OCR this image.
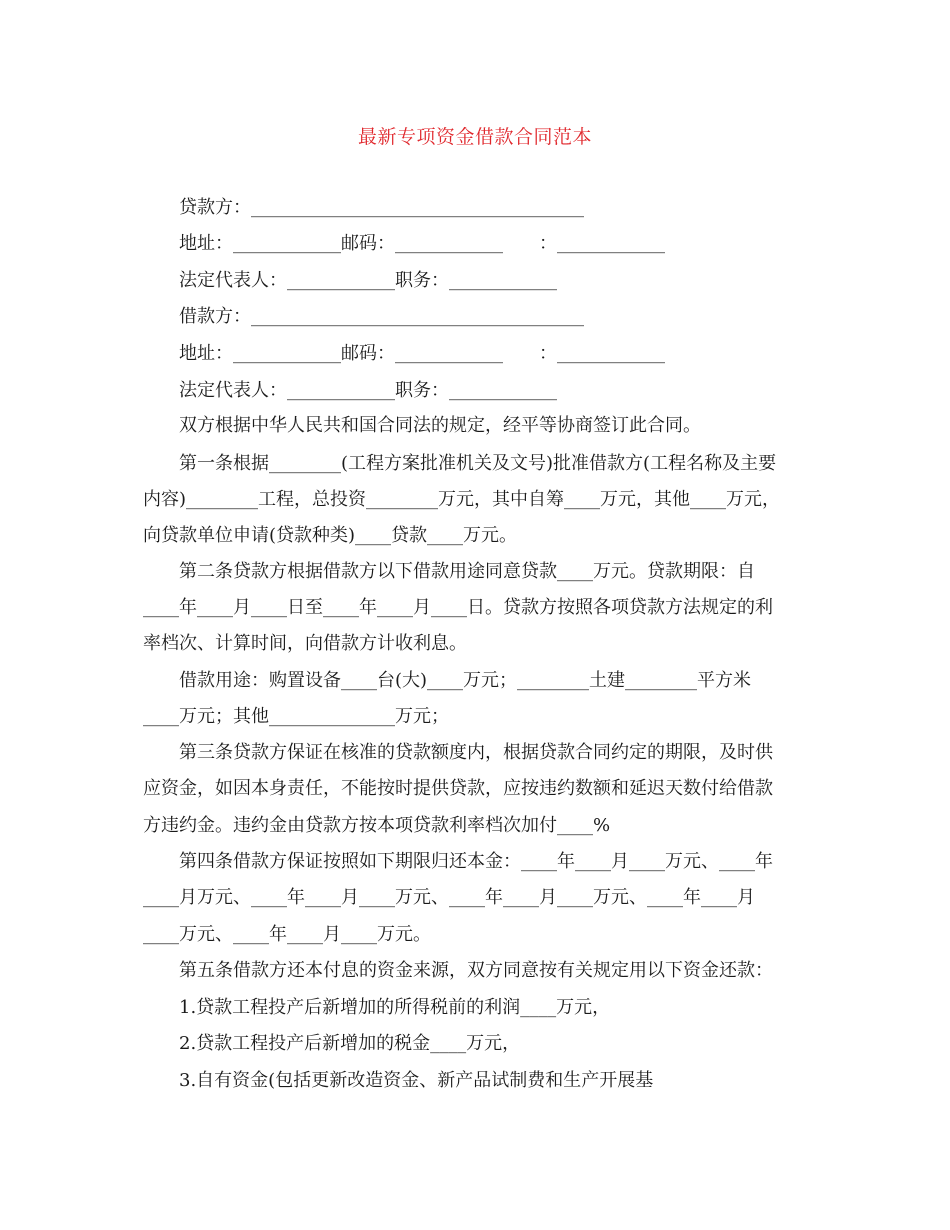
最新专项资金借款合同范本
贷款方：_____________________________________
地址：____________邮码：____________　　：____________
法定代表人：____________职务：____________
借款方：_____________________________________
地址：____________邮码：____________　　：____________
法定代表人：____________职务：____________
双方根据中华人民共和国合同法的规定，经平等协商签订此合同。
第一条根据________(工程方案批准机关及文号)批准借款方(工程名称及主要
内容)________工程，总投资________万元，其中自筹____万元，其他____万元，
向贷款单位申请(贷款种类)____贷款____万元。
第二条贷款方根据借款方以下借款用途同意贷款____万元。贷款期限：自
____年____月____日至____年____月____日。贷款方按照各项贷款方法规定的利
率档次、计算时间，向借款方计收利息。
借款用途：购置设备____台(大)____万元；________土建________平方米
____万元；其他______________万元；
第三条贷款方保证在核准的贷款额度内，根据贷款合同约定的期限，及时供
应资金，如因本身责任，不能按时提供贷款，应按违约数额和延迟天数付给借款
方违约金。违约金由贷款方按本项贷款利率档次加付____%
第四条借款方保证按照如下期限归还本金：____年____月____万元、____年
____月万元、____年____月____万元、____年____月____万元、____年____月
____万元、____年____月____万元。
第五条借款方还本付息的资金来源，双方同意按有关规定用以下资金还款：
1.贷款工程投产后新增加的所得税前的利润____万元，
2.贷款工程投产后新增加的税金____万元，
3.自有资金(包括更新改造资金、新产品试制费和生产开展基
